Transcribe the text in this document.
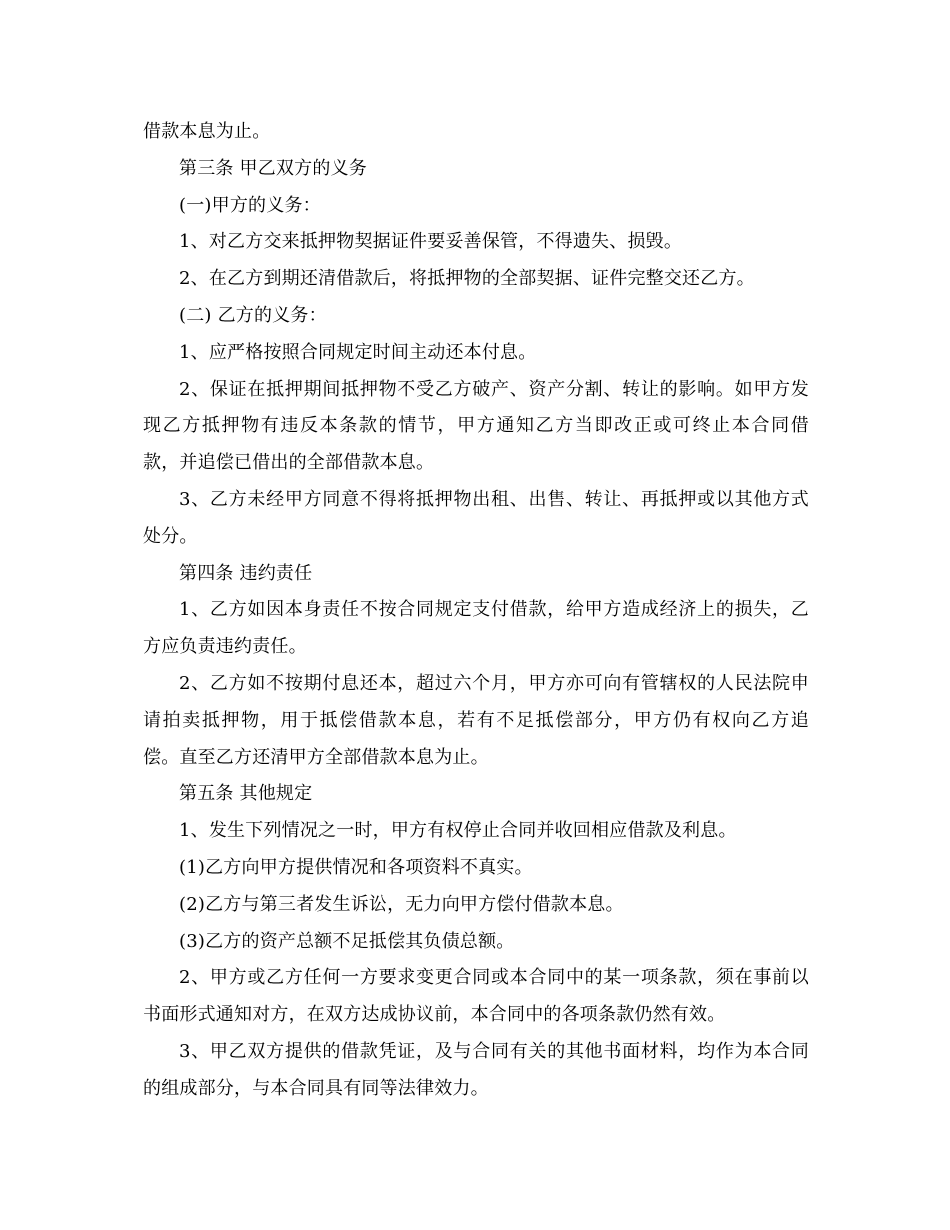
借款本息为止。
第三条 甲乙双方的义务
(一)甲方的义务：
1、对乙方交来抵押物契据证件要妥善保管，不得遗失、损毁。
2、在乙方到期还清借款后，将抵押物的全部契据、证件完整交还乙方。
(二) 乙方的义务：
1、应严格按照合同规定时间主动还本付息。
2、保证在抵押期间抵押物不受乙方破产、资产分割、转让的影响。如甲方发
现乙方抵押物有违反本条款的情节，甲方通知乙方当即改正或可终止本合同借
款，并追偿已借出的全部借款本息。
3、乙方未经甲方同意不得将抵押物出租、出售、转让、再抵押或以其他方式
处分。
第四条 违约责任
1、乙方如因本身责任不按合同规定支付借款，给甲方造成经济上的损失，乙
方应负责违约责任。
2、乙方如不按期付息还本，超过六个月，甲方亦可向有管辖权的人民法院申
请拍卖抵押物，用于抵偿借款本息，若有不足抵偿部分，甲方仍有权向乙方追
偿。直至乙方还清甲方全部借款本息为止。
第五条 其他规定
1、发生下列情况之一时，甲方有权停止合同并收回相应借款及利息。
(1)乙方向甲方提供情况和各项资料不真实。
(2)乙方与第三者发生诉讼，无力向甲方偿付借款本息。
(3)乙方的资产总额不足抵偿其负债总额。
2、甲方或乙方任何一方要求变更合同或本合同中的某一项条款，须在事前以
书面形式通知对方，在双方达成协议前，本合同中的各项条款仍然有效。
3、甲乙双方提供的借款凭证，及与合同有关的其他书面材料，均作为本合同
的组成部分，与本合同具有同等法律效力。
